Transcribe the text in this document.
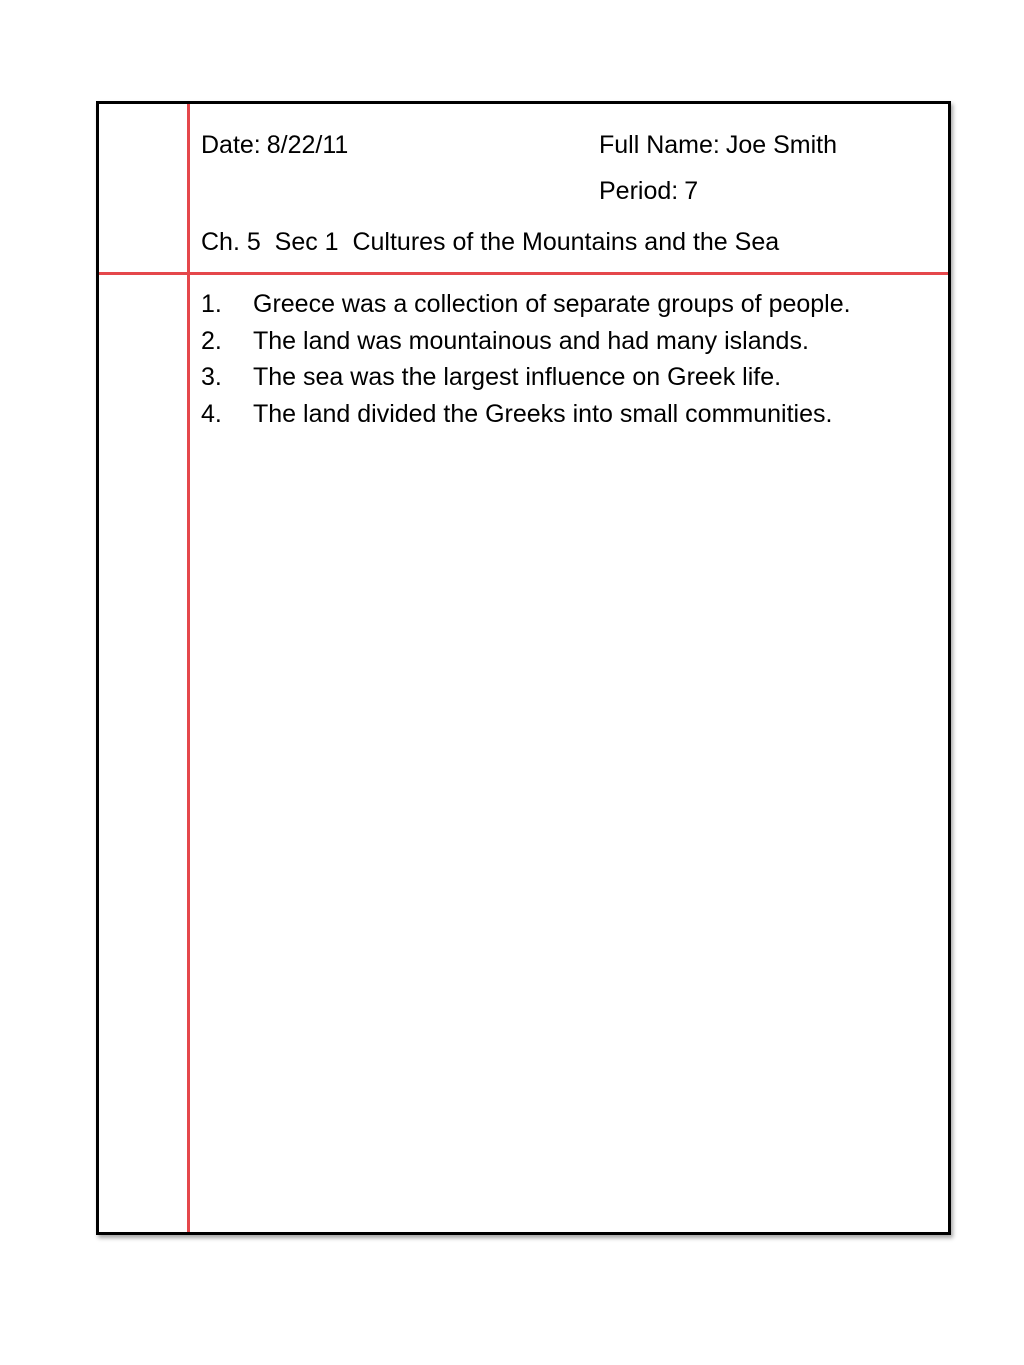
Date: 8/22/11	Full Name: Joe Smith
Period: 7
Ch. 5  Sec 1  Cultures of the Mountains and the Sea
1.	Greece was a collection of separate groups of people.
2.	The land was mountainous and had many islands.
3.	The sea was the largest influence on Greek life.
4.	The land divided the Greeks into small communities.
